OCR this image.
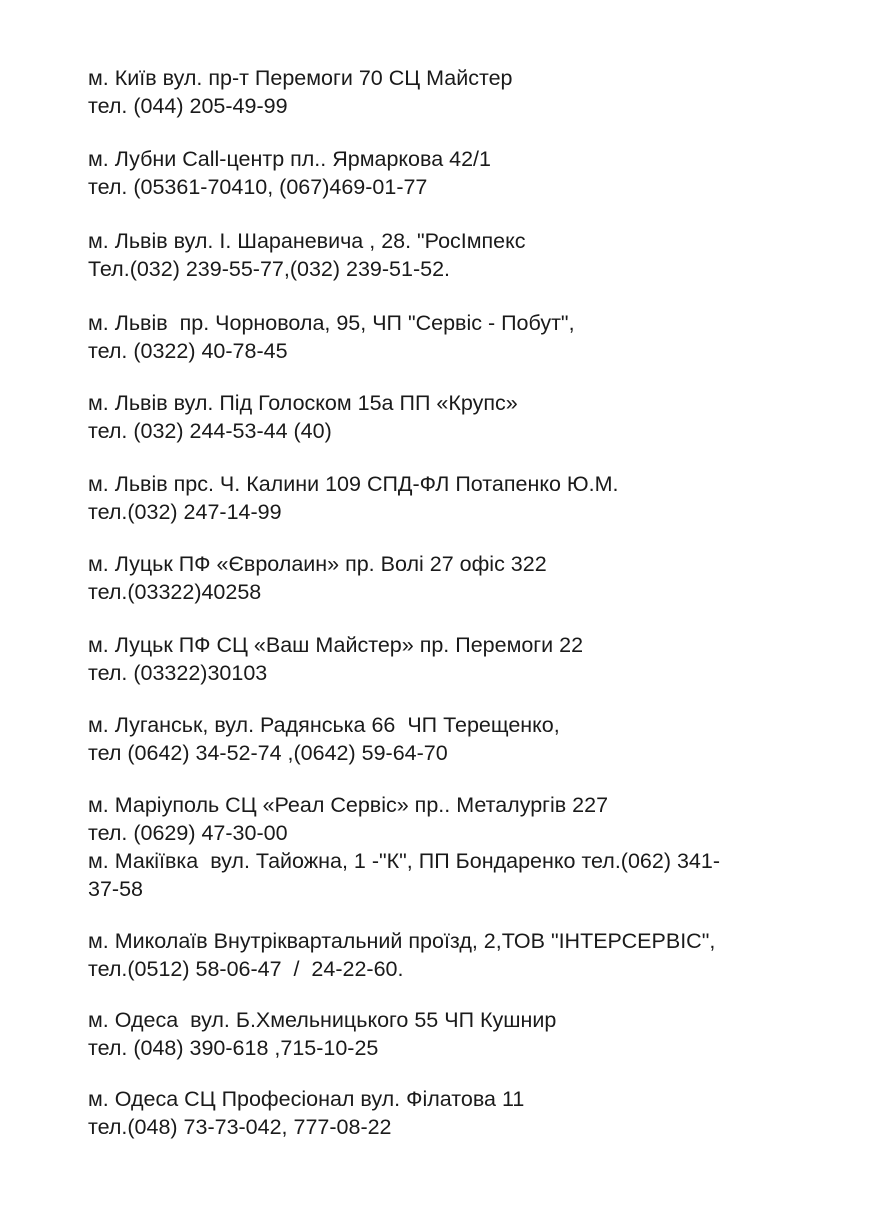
м. Київ вул. пр-т Перемоги 70 СЦ Майстер

тел. (044) 205-49-99

м. Лубни Call-центр пл.. Ярмаркова 42/1

тел. (05361-70410, (067)469-01-77

м. Львів вул. І. Шараневича , 28. "РосІмпекс

Тел.(032) 239-55-77,(032) 239-51-52.

м. Львів  пр. Чорновола, 95, ЧП "Сервіс - Побут",

тел. (0322) 40-78-45

м. Львів вул. Під Голоском 15а ПП «Крупс»

тел. (032) 244-53-44 (40)

м. Львів прс. Ч. Калини 109 СПД-ФЛ Потапенко Ю.М.

тел.(032) 247-14-99

м. Луцьк ПФ «Євролаин» пр. Волі 27 офіс 322

тел.(03322)40258

м. Луцьк ПФ СЦ «Ваш Майстер» пр. Перемоги 22

тел. (03322)30103

м. Луганськ, вул. Радянська 66  ЧП Терещенко,

тел (0642) 34-52-74 ,(0642) 59-64-70

м. Маріуполь СЦ «Реал Сервіс» пр.. Металургів 227

тел. (0629) 47-30-00

м. Макіївка  вул. Тайожна, 1 -"К", ПП Бондаренко тел.(062) 341-

37-58

м. Миколаїв Внутріквартальний проїзд, 2,ТОВ "ІНТЕРСЕРВІС",

тел.(0512) 58-06-47  /  24-22-60.

м. Одеса  вул. Б.Хмельницького 55 ЧП Кушнир

тел. (048) 390-618 ,715-10-25

м. Одеса СЦ Професіонал вул. Філатова 11

тел.(048) 73-73-042, 777-08-22
